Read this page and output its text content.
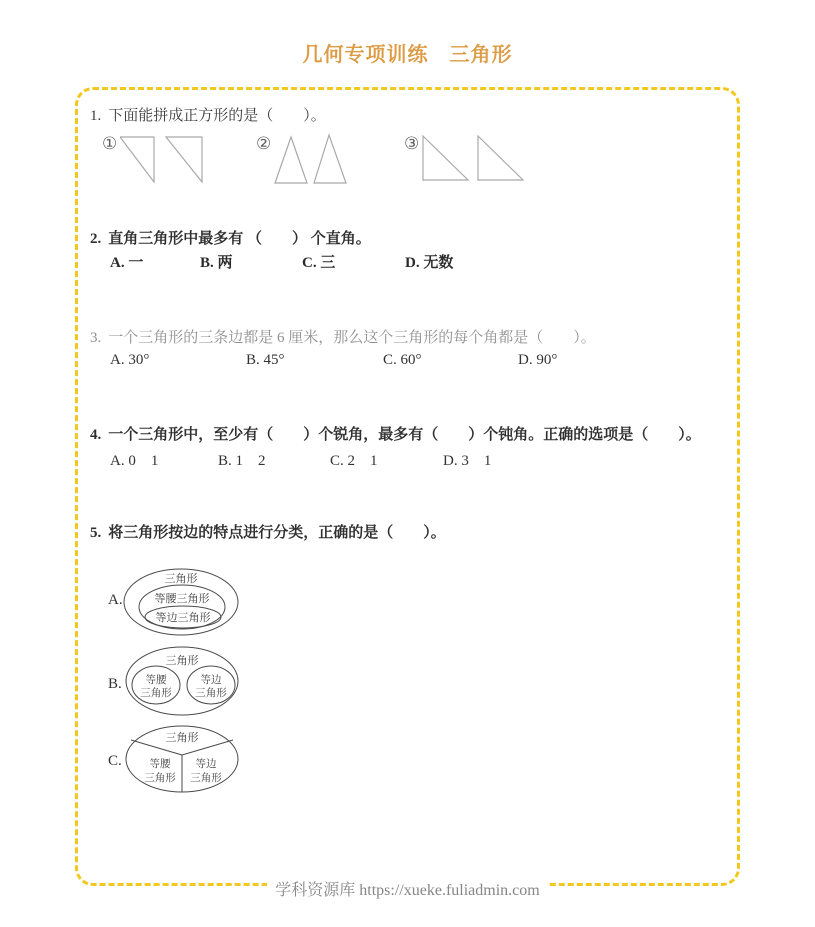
几何专项训练　三角形
1. 下面能拼成正方形的是（　　）。
①	②	③
2. 直角三角形中最多有 （　　） 个直角。
A. 一	B. 两	C. 三	D. 无数
3. 一个三角形的三条边都是 6 厘米，那么这个三角形的每个角都是（　　）。
A. 30°	B. 45°	C. 60°	D. 90°
4. 一个三角形中，至少有（　　）个锐角，最多有（　　）个钝角。正确的选项是（　　）。
A. 0　1	B. 1　2	C. 2　1	D. 3　1
5. 将三角形按边的特点进行分类，正确的是（　　）。
A.
三角形
等腰三角形
等边三角形
B.
三角形
等腰
三角形
等边
三角形
C.
三角形
等腰
三角形
等边
三角形
学科资源库 https://xueke.fuliadmin.com
